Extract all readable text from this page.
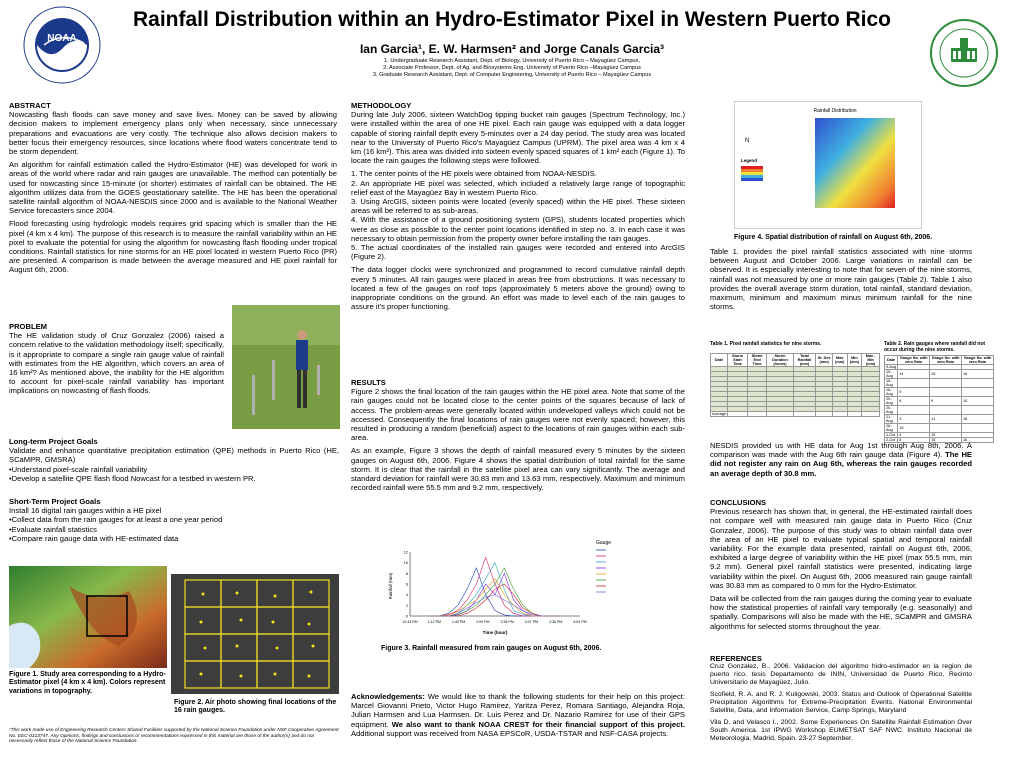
NOAA
Rainfall Distribution within an Hydro-Estimator Pixel in Western Puerto Rico
Ian Garcia¹, E. W. Harmsen² and Jorge Canals Garcia³
1. Undergraduate Research Assistant, Dept. of Biology, University of Puerto Rico – Mayagüez Campus,
2. Associate Professor, Dept. of Ag. and Biosystems Eng. University of Puerto Rico –Mayagüez Campus
3. Graduate Research Assistant, Dept. of Computer Engineering, University of Puerto Rico – Mayagüez Campus
ABSTRACT

Nowcasting flash floods can save money and save lives. Money can be saved by allowing decision makers to implement emergency plans only when necessary, since unnecessary preparations and evacuations are very costly. The technique also allows decision makers to better focus their emergency resources, since locations where flood waters concentrate tend to be storm dependent.

An algorithm for rainfall estimation called the Hydro-Estimator (HE) was developed for work in areas of the world where radar and rain gauges are unavailable. The method can potentially be used for nowcasting since 15-minute (or shorter) estimates of rainfall can be obtained. The HE algorithm utilizes data from the GOES geostationary satellite. The HE has been the operational satellite rainfall algorithm of NOAA-NESDIS since 2000 and is available to the National Weather Service forecasters since 2004.

Flood forecasting using hydrologic models requires grid spacing which is smaller than the HE pixel (4 km x 4 km). The purpose of this research is to measure the rainfall variability within an HE pixel to evaluate the potential for using the algorithm for nowcasting flash flooding under tropical conditions. Rainfall statistics for nine storms for an HE pixel located in western Puerto Rico (PR) are presented. A comparison is made between the average measured and HE pixel rainfall for August 6th, 2006.

PROBLEM

The HE validation study of Cruz Gonzalez (2006) raised a concern relative to the validation methodology itself; specifically, is it appropriate to compare a single rain gauge value of rainfall with estimates from the HE algorithm, which covers an area of 16 km²? As mentioned above, the inability for the HE algorithm to account for pixel-scale rainfall variability has important implications on nowcasting of flash floods.

Long-term Project Goals
Validate and enhance quantitative precipitation estimation (QPE) methods in Puerto Rico (HE, SCaMPR, GMSRA)
•Understand pixel-scale rainfall variability
•Develop a satellite QPE flash flood Nowcast for a testbed in western PR.
Short-Term Project Goals
Install 16 digital rain gauges within a HE pixel
•Collect data from the rain gauges for at least a one year period
•Evaluate rainfall statistics
•Compare rain gauge data with HE-estimated data
Figure 1. Study area corresponding to a Hydro-Estimator pixel (4 km x 4 km). Colors represent variations in topography.
Figure 2. Air photo showing final locations of the 16 rain gauges.
¹This work made use of Engineering Research Centers Shared Facilities supported by the National Science Foundation under NSF Cooperative Agreement No. EEC-0313747. Any Opinions, findings and conclusions or recommendations expressed in this material are those of the author(s) and do not necessarily reflect those of the National Science Foundation.
METHODOLOGY

During late July 2006, sixteen WatchDog tipping bucket rain gauges (Spectrum Technology, Inc.) were installed within the area of one HE pixel. Each rain gauge was equipped with a data logger capable of storing rainfall depth every 5-minutes over a 24 day period. The study area was located near to the University of Puerto Rico's Mayagüez Campus (UPRM). The pixel area was 4 km x 4 km (16 km²). This area was divided into sixteen evenly spaced squares of 1 km² each (Figure 1). To locate the rain gauges the following steps were followed.

1. The center points of the HE pixels were obtained from NOAA-NESDIS.
2. An appropriate HE pixel was selected, which included a relatively large range of topographic relief east of the Mayagüez Bay in western Puerto Rico.
3. Using ArcGIS, sixteen points were located (evenly spaced) within the HE pixel. These sixteen areas will be referred to as sub-areas.
4. With the assistance of a ground positioning system (GPS), students located properties which were as close as possible to the center point locations identified in step no. 3. In each case it was necessary to obtain permission from the property owner before installing the rain gauges.

5. The actual coordinates of the installed rain gauges were recorded and entered into ArcGIS (Figure 2).

The data logger clocks were synchronized and programmed to record cumulative rainfall depth every 5 minutes. All rain gauges were placed in areas free from obstructions. It was necessary to located a few of the gauges on roof tops (approximately 5 meters above the ground) owing to inappropriate conditions on the ground. An effort was made to level each of the rain gauges to assure it's proper functioning.

RESULTS

Figure 2 shows the final location of the rain gauges within the HE pixel area. Note that some of the rain gauges could not be located close to the center points of the squares because of lack of access. The problem-areas were generally located within undeveloped valleys which could not be accessed. Consequently the final locations of rain gauges were not evenly spaced; however, this resulted in producing a random (beneficial) aspect to the locations of rain gauges within each sub-area.

As an example, Figure 3 shows the depth of rainfall measured every 5 minutes by the sixteen gauges on August 6th, 2006. Figure 4 shows the spatial distribution of total rainfall for the same storm. It is clear that the rainfall in the satellite pixel area can vary significantly. The average and standard deviation for rainfall were 30.83 mm and 13.63 mm, respectively. Maximum and minimum recorded rainfall were 55.5 mm and 9.2 mm, respectively.

0
2
4
6
8
10
12
12:43 PM	1:12 PM	1:40 PM	2:09 PM	2:38 PM	3:07 PM	3:36 PM	4:04 PM
Rainfall (mm)
Time (hour)
Gauge
Figure 3. Rainfall measured from rain gauges on August 6th, 2006.
Acknowledgements: We would like to thank the following students for their help on this project: Marcel Giovanni Prieto, Victor Hugo Ramirez, Yaritza Perez, Romara Santiago, Alejandra Roja, Julian Harmsen and Lua Harmsen. Dr. Luis Perez and Dr. Nazario Ramirez for use of their GPS equipment. We also want to thank NOAA CREST for their financial support of this project. Additional support was received from NASA EPSCoR, USDA-TSTAR and NSF-CASA projects.
Rainfall Distribution
N
Legend
Figure 4. Spatial distribution of rainfall on August 6th, 2006.
Table 1. provides the pixel rainfall statistics associated with nine storms between August and October 2006. Large variations in rainfall can be observed. It is especially interesting to note that for seven of the nine storms, rainfall was not measured by one or more rain gauges (Table 2). Table 1 also provides the overall average storm duration, total rainfall, standard deviation, maximum, minimum and maximum minus minimum rainfall for the nine storms.
Table 1. Pixel rainfall statistics for nine storms.
Date	Storm Start Time	Storm End Time	Storm Duration (hours)	Total Rainfall (mm)	St. Dev (mm)	Max (mm)	Min (mm)	Max - Min (mm)

Average								
Table 2. Rain gauges where rainfall did not occur during the nine storms.
Date	Gauge No. with zero Rain	Gauge No. with zero Rain	Gauge No. with zero Rain
9-Aug			
10-Aug	14	15	16
15-Aug			
18-Aug	9		
20-Aug	8	9	10
20-Aug			
21-Aug	3	11	16
26-Aug	15		
1-Oct	4	15	
2-Oct	5	15	16
NESDIS provided us with HE data for Aug 1st through Aug 8th, 2006. A comparison was made with the Aug 6th rain gauge data (Figure 4). The HE did not register any rain on Aug 6th, whereas the rain gauges recorded an average depth of 30.8 mm.
CONCLUSIONS

Previous research has shown that, in general, the HE-estimated rainfall does not compare well with measured rain gauge data in Puerto Rico (Cruz Gonzalez, 2006). The purpose of this study was to obtain rainfall data over the area of an HE pixel to evaluate typical spatial and temporal rainfall variability. For the example data presented, rainfall on August 6th, 2006, exhibited a large degree of variability within the HE pixel (max 55.5 mm, min 9.2 mm). General pixel rainfall statistics were presented, indicating large variability within the pixel. On August 6th, 2006 measured rain gauge rainfall was 30.83 mm as compared to 0 mm for the Hydro-Estimator.

Data will be collected from the rain gauges during the coming year to evaluate how the statistical properties of rainfall vary temporally (e.g. seasonally) and spatially. Comparisons will also be made with the HE, SCaMPR and GMSRA algorithms for selected storms throughout the year.

REFERENCES

Cruz Gonzalez, B., 2006. Validacion del algoritmo hidro-estimador en la region de puerto rico. tesis Departamento de ININ, Universidad de Puerto Rico, Recinto Universitario de Mayagüez, Julio.

Scofield, R. A. and R. J. Kuligowski, 2003. Status and Outlook of Operational Satellite Precipitation Algorithms for Extreme-Precipitation Events. National Environmental Satellite, Data, and Information Service, Camp Springs, Maryland

Vila D. and Velasco I., 2002. Some Experiences On Satellite Rainfall Estimation Over South America. 1st IPWG Workshop EUMETSAT SAF NWC. Instituto Nacional de Meteorologia, Madrid, Spain. 23-27 September.
